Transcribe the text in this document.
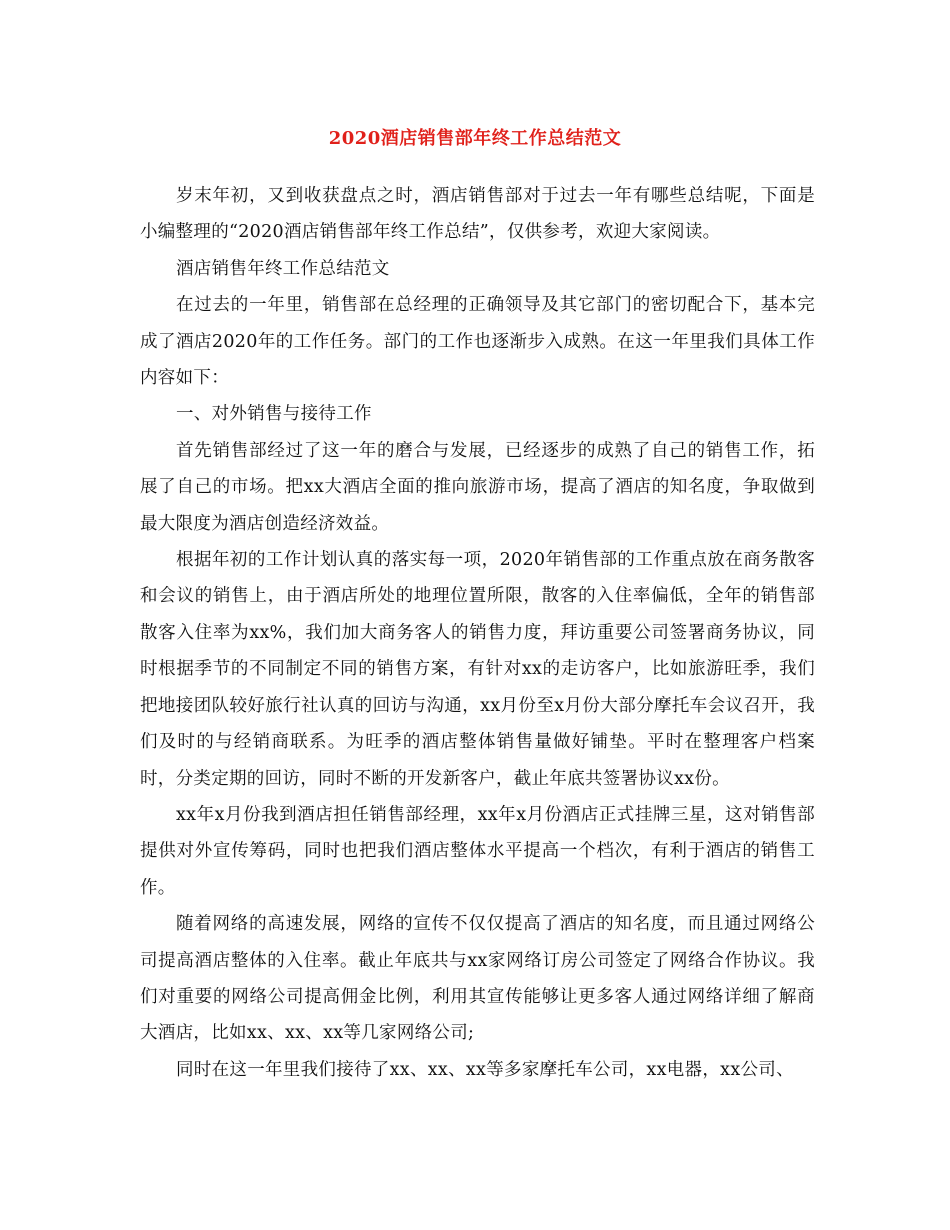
2020酒店销售部年终工作总结范文

岁末年初，又到收获盘点之时，酒店销售部对于过去一年有哪些总结呢，下面是小编整理的“2020酒店销售部年终工作总结”，仅供参考，欢迎大家阅读。

酒店销售年终工作总结范文

在过去的一年里，销售部在总经理的正确领导及其它部门的密切配合下，基本完成了酒店2020年的工作任务。部门的工作也逐渐步入成熟。在这一年里我们具体工作内容如下：

一、对外销售与接待工作

首先销售部经过了这一年的磨合与发展，已经逐步的成熟了自己的销售工作，拓展了自己的市场。把xx大酒店全面的推向旅游市场，提高了酒店的知名度，争取做到最大限度为酒店创造经济效益。

根据年初的工作计划认真的落实每一项，2020年销售部的工作重点放在商务散客和会议的销售上，由于酒店所处的地理位置所限，散客的入住率偏低，全年的销售部散客入住率为xx%，我们加大商务客人的销售力度，拜访重要公司签署商务协议，同时根据季节的不同制定不同的销售方案，有针对xx的走访客户，比如旅游旺季，我们把地接团队较好旅行社认真的回访与沟通，xx月份至x月份大部分摩托车会议召开，我们及时的与经销商联系。为旺季的酒店整体销售量做好铺垫。平时在整理客户档案时，分类定期的回访，同时不断的开发新客户，截止年底共签署协议xx份。

xx年x月份我到酒店担任销售部经理，xx年x月份酒店正式挂牌三星，这对销售部提供对外宣传筹码，同时也把我们酒店整体水平提高一个档次，有利于酒店的销售工作。

随着网络的高速发展，网络的宣传不仅仅提高了酒店的知名度，而且通过网络公司提高酒店整体的入住率。截止年底共与xx家网络订房公司签定了网络合作协议。我们对重要的网络公司提高佣金比例，利用其宣传能够让更多客人通过网络详细了解商大酒店，比如xx、xx、xx等几家网络公司;

同时在这一年里我们接待了xx、xx、xx等多家摩托车公司，xx电器，xx公司、
